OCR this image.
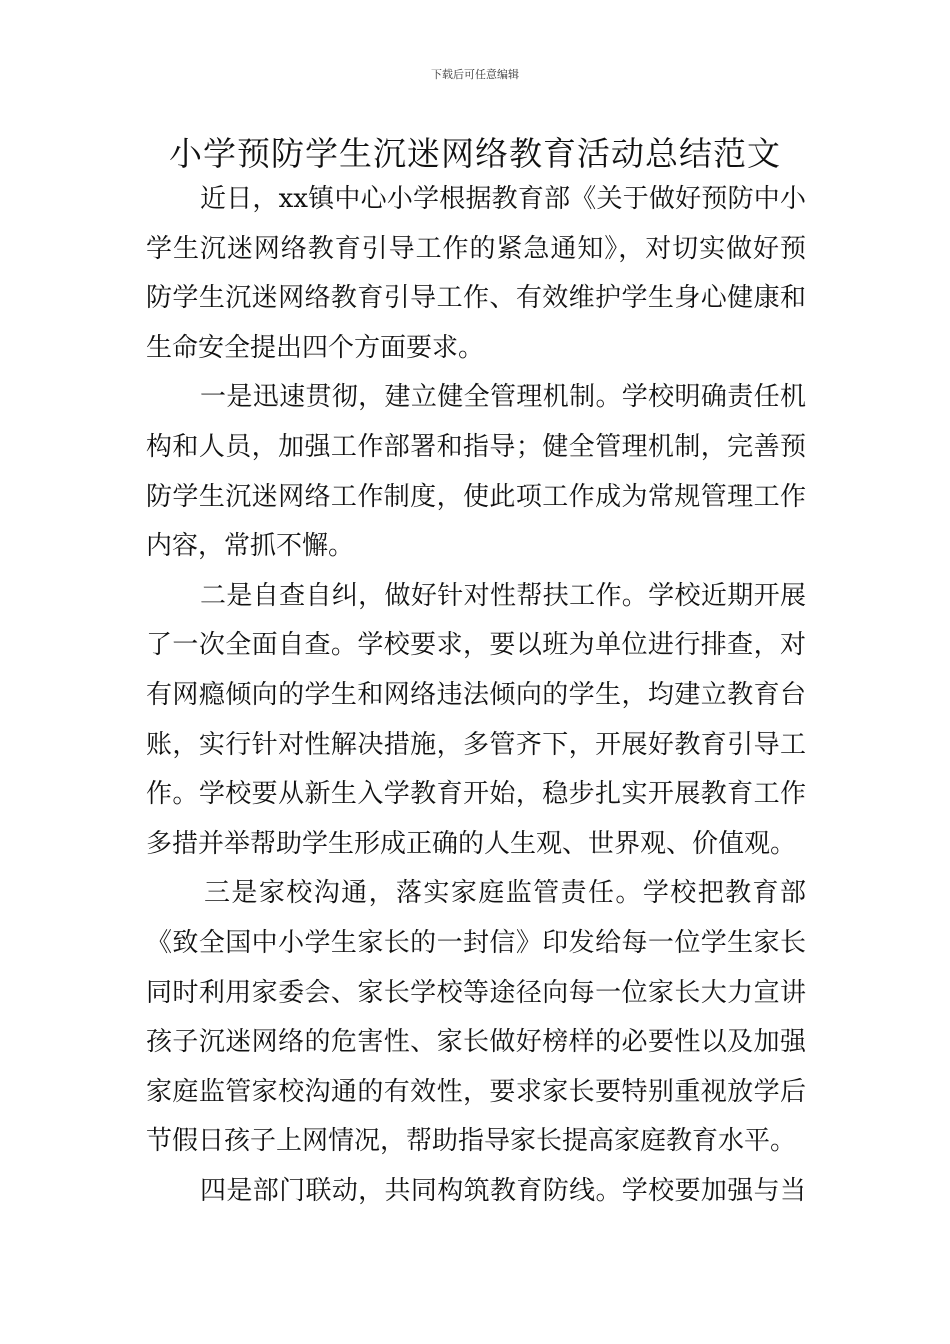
下载后可任意编辑
小学预防学生沉迷网络教育活动总结范文
近日，xx镇中心小学根据教育部《关于做好预防中小
学生沉迷网络教育引导工作的紧急通知》，对切实做好预
防学生沉迷网络教育引导工作、有效维护学生身心健康和
生命安全提出四个方面要求。
一是迅速贯彻，建立健全管理机制。学校明确责任机
构和人员，加强工作部署和指导；健全管理机制，完善预
防学生沉迷网络工作制度，使此项工作成为常规管理工作
内容，常抓不懈。
二是自查自纠，做好针对性帮扶工作。学校近期开展
了一次全面自查。学校要求，要以班为单位进行排查，对
有网瘾倾向的学生和网络违法倾向的学生，均建立教育台
账，实行针对性解决措施，多管齐下，开展好教育引导工
作。学校要从新生入学教育开始，稳步扎实开展教育工作
多措并举帮助学生形成正确的人生观、世界观、价值观。
三是家校沟通，落实家庭监管责任。学校把教育部
《致全国中小学生家长的一封信》印发给每一位学生家长
同时利用家委会、家长学校等途径向每一位家长大力宣讲
孩子沉迷网络的危害性、家长做好榜样的必要性以及加强
家庭监管家校沟通的有效性，要求家长要特别重视放学后
节假日孩子上网情况，帮助指导家长提高家庭教育水平。
四是部门联动，共同构筑教育防线。学校要加强与当
